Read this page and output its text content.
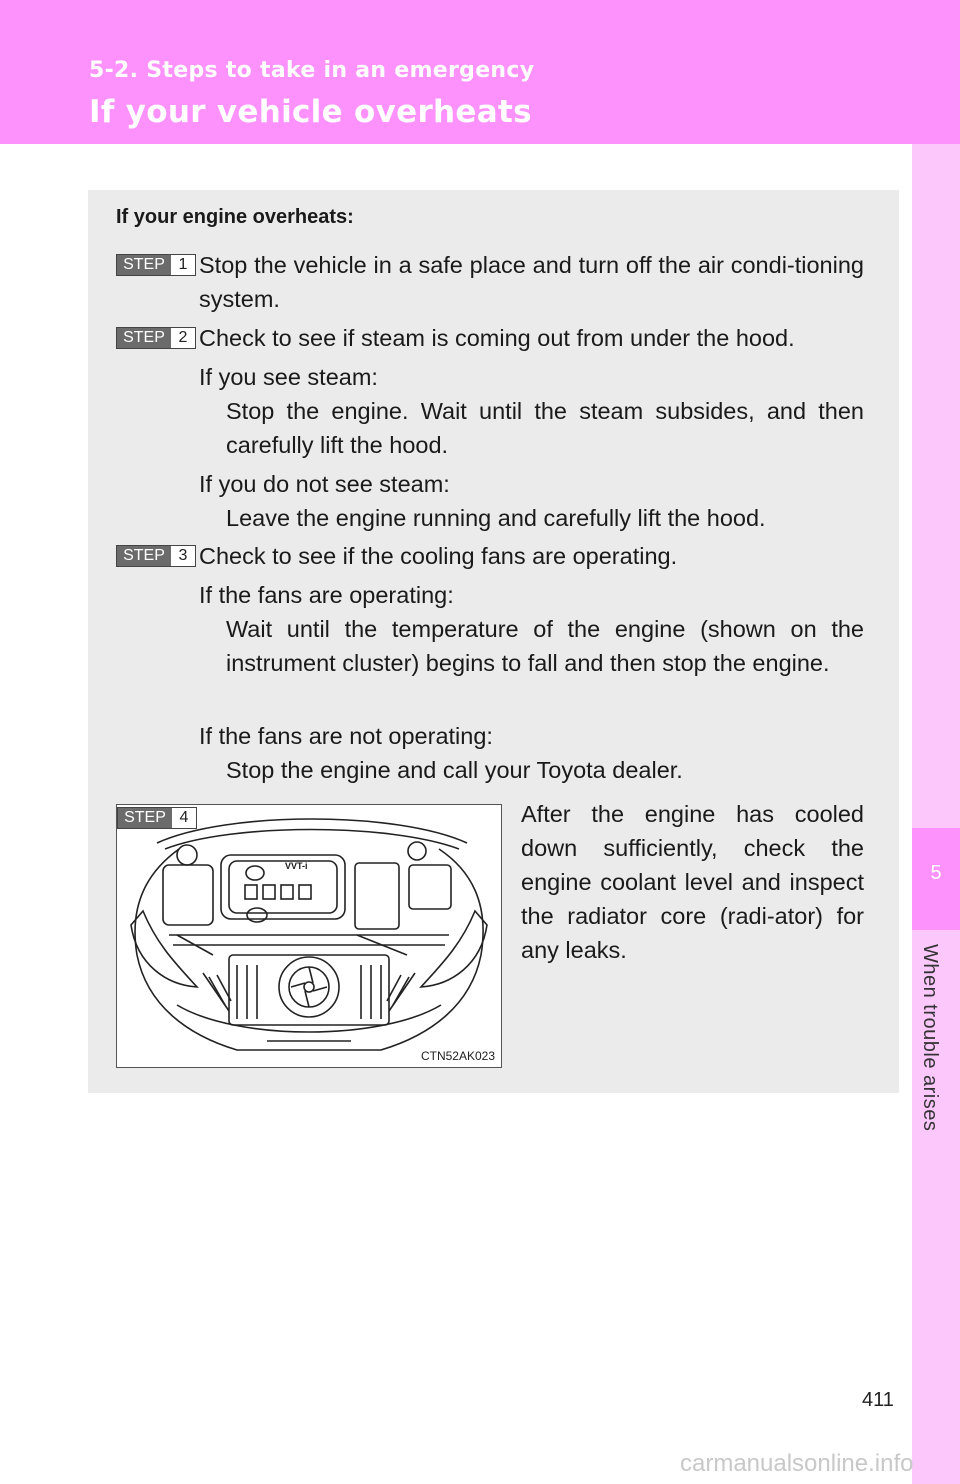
5-2. Steps to take in an emergency
If your vehicle overheats
5
When trouble arises
If your engine overheats:
STEP 1 Stop the vehicle in a safe place and turn off the air condi-tioning system.

STEP 2 Check to see if steam is coming out from under the hood.

If you see steam:

Stop the engine. Wait until the steam subsides, and then carefully lift the hood.

If you do not see steam:

Leave the engine running and carefully lift the hood.

STEP 3 Check to see if the cooling fans are operating.

If the fans are operating:

Wait until the temperature of the engine (shown on the instrument cluster) begins to fall and then stop the engine.

If the fans are not operating:

Stop the engine and call your Toyota dealer.

STEP 4
CTN52AK023
VVT-i

After the engine has cooled down sufficiently, check the engine coolant level and inspect the radiator core (radi-ator) for any leaks.

411
carmanualsonline.info
